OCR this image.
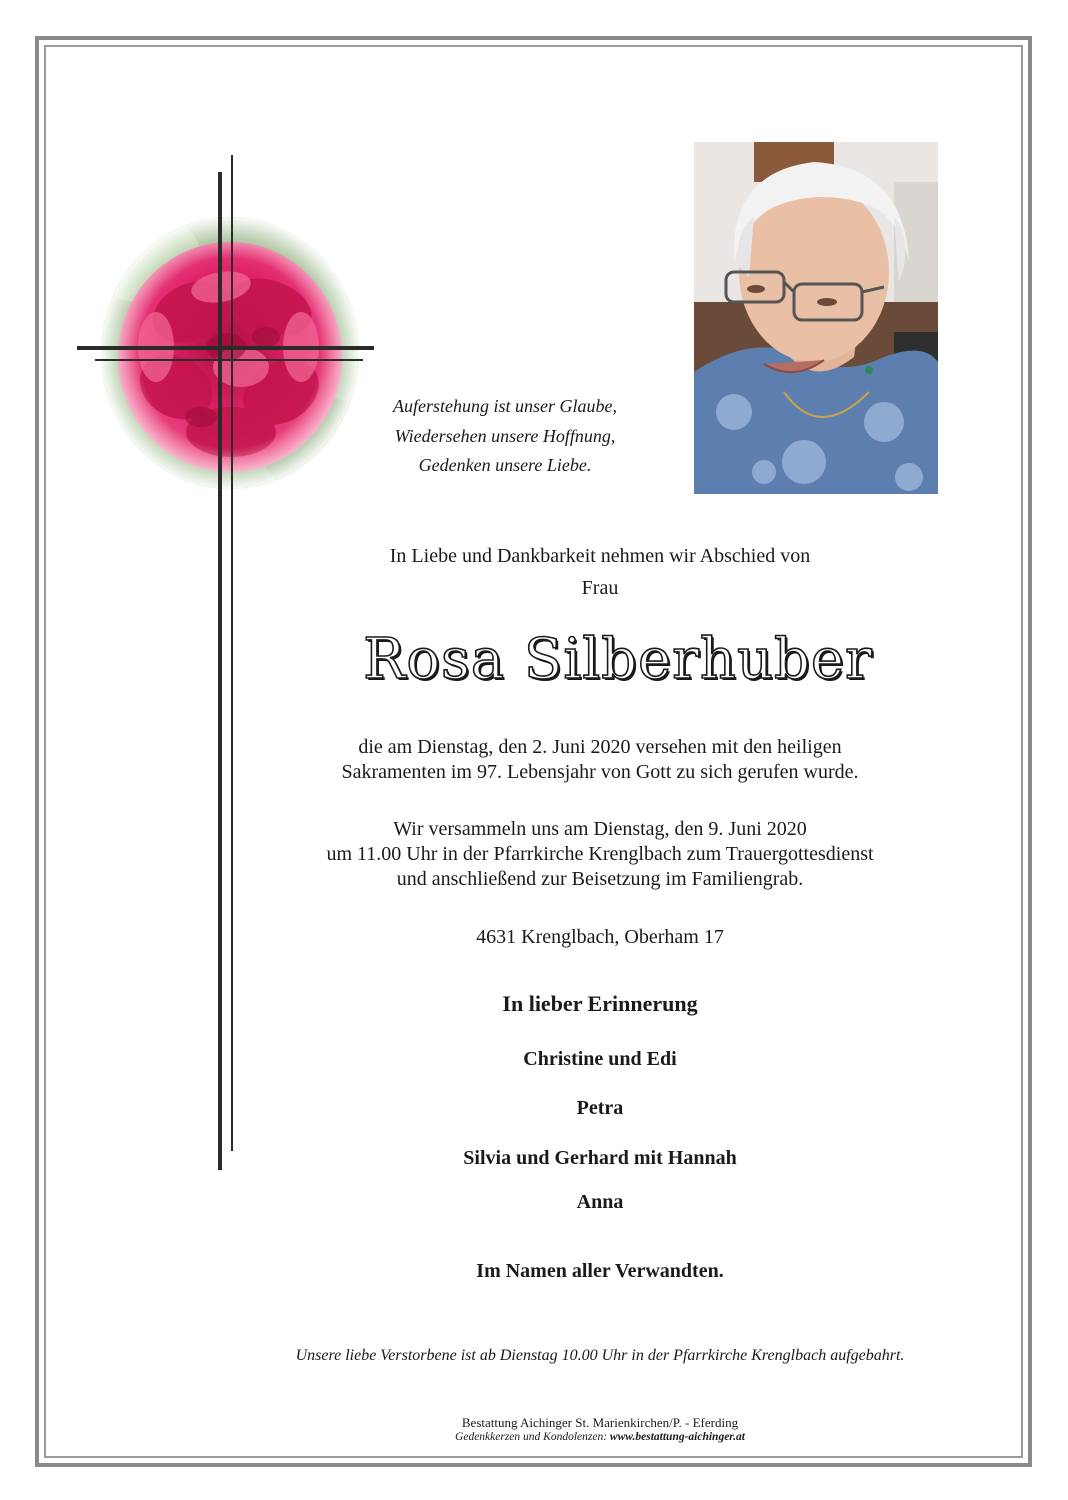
Auferstehung ist unser Glaube,
Wiedersehen unsere Hoffnung,
Gedenken unsere Liebe.
In Liebe und Dankbarkeit nehmen wir Abschied von
Frau
Rosa Silberhuber
die am Dienstag, den 2. Juni 2020 versehen mit den heiligen
Sakramenten im 97. Lebensjahr von Gott zu sich gerufen wurde.
Wir versammeln uns am Dienstag, den 9. Juni 2020
um 11.00 Uhr in der Pfarrkirche Krenglbach zum Trauergottesdienst
und anschließend zur Beisetzung im Familiengrab.
4631 Krenglbach, Oberham 17
In lieber Erinnerung
Christine und Edi
Petra
Silvia und Gerhard mit Hannah
Anna
Im Namen aller Verwandten.
Unsere liebe Verstorbene ist ab Dienstag 10.00 Uhr in der Pfarrkirche Krenglbach aufgebahrt.
Bestattung Aichinger St. Marienkirchen/P. - Eferding
Gedenkkerzen und Kondolenzen: www.bestattung-aichinger.at
